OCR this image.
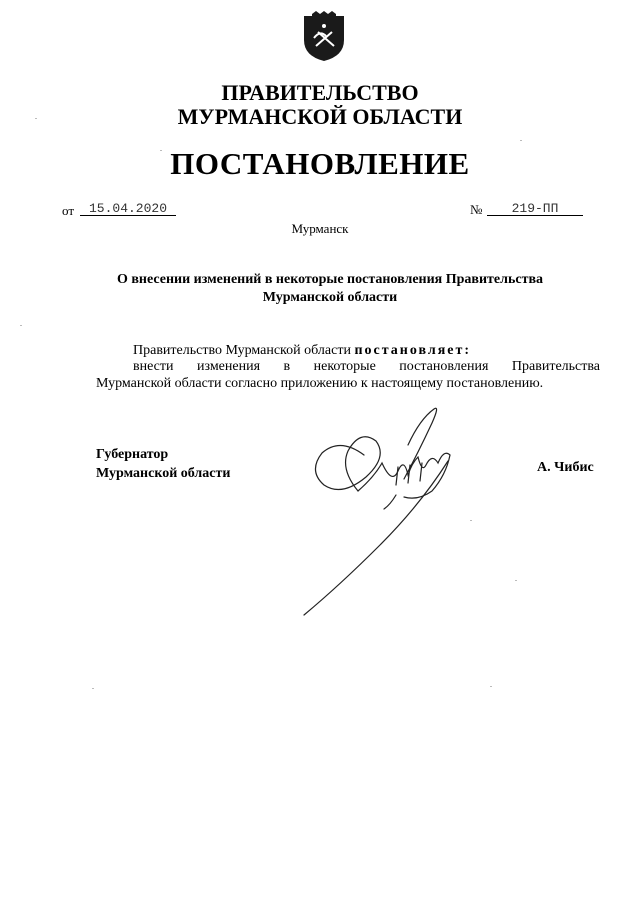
ПРАВИТЕЛЬСТВО
МУРМАНСКОЙ ОБЛАСТИ
ПОСТАНОВЛЕНИЕ
от	15.04.2020	№	219-ПП
Мурманск
О внесении изменений в некоторые постановления Правительства
Мурманской области
Правительство Мурманской области постановляет:
внести изменения в некоторые постановления Правительства
Мурманской области согласно приложению к настоящему постановлению.
Губернатор
Мурманской области	А. Чибис
